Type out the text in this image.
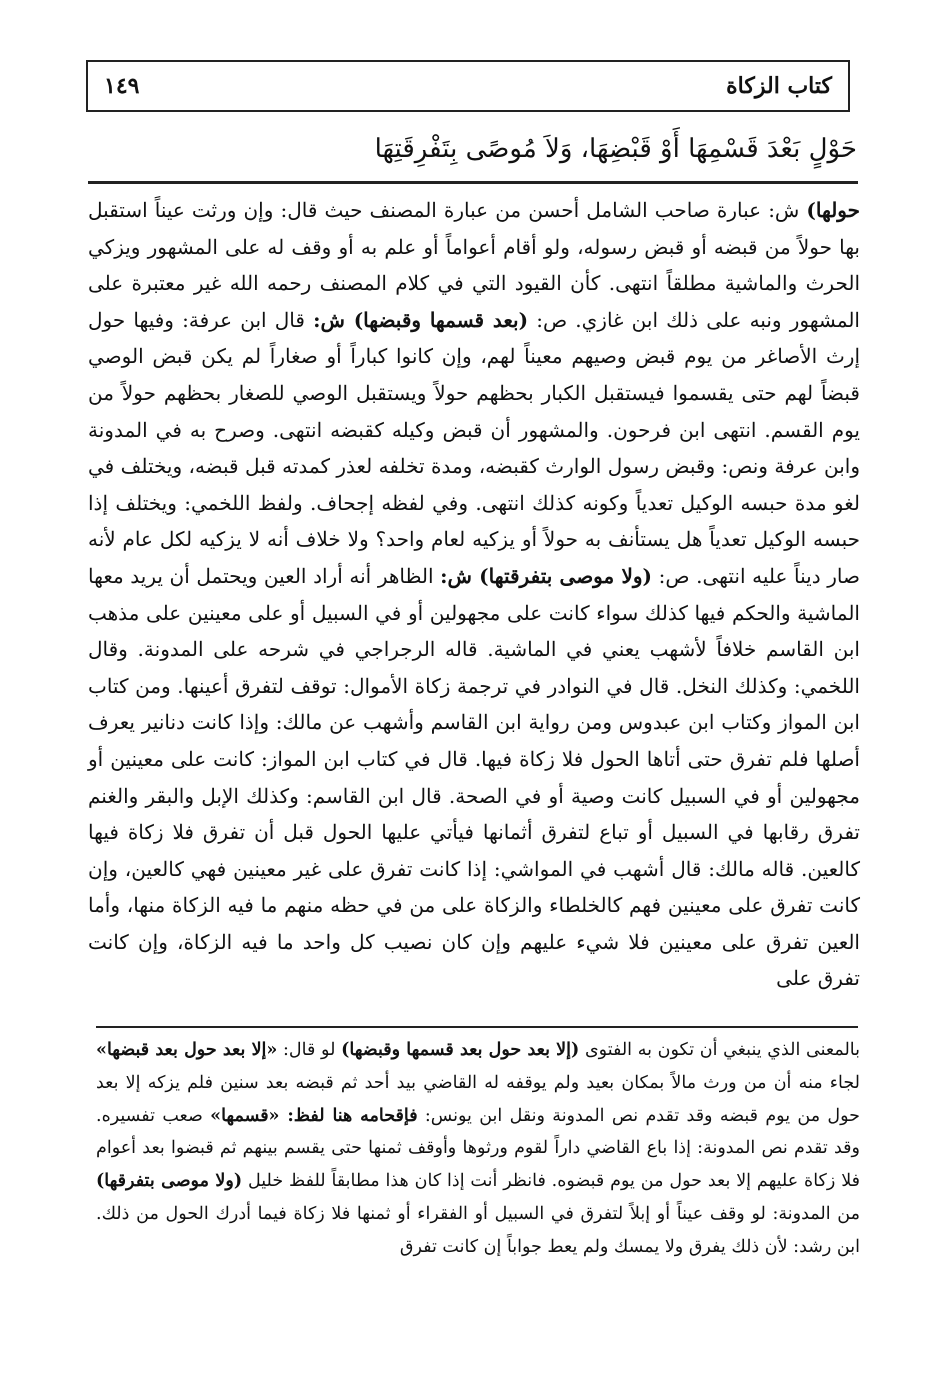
كتاب الزكاة
١٤٩
حَوْلٍ بَعْدَ قَسْمِهَا أَوْ قَبْضِهَا، وَلاَ مُوصًى بِتَفْرِقَتِهَا

حولها) ش: عبارة صاحب الشامل أحسن من عبارة المصنف حيث قال: وإن ورثت عيناً استقبل بها حولاً من قبضه أو قبض رسوله، ولو أقام أعواماً أو علم به أو وقف له على المشهور ويزكي الحرث والماشية مطلقاً انتهى. كأن القيود التي في كلام المصنف رحمه الله غير معتبرة على المشهور ونبه على ذلك ابن غازي. ص: (بعد قسمها وقبضها) ش: قال ابن عرفة: وفيها حول إرث الأصاغر من يوم قبض وصيهم معيناً لهم، وإن كانوا كباراً أو صغاراً لم يكن قبض الوصي قبضاً لهم حتى يقسموا فيستقبل الكبار بحظهم حولاً ويستقبل الوصي للصغار بحظهم حولاً من يوم القسم. انتهى ابن فرحون. والمشهور أن قبض وكيله كقبضه انتهى. وصرح به في المدونة وابن عرفة ونص: وقبض رسول الوارث كقبضه، ومدة تخلفه لعذر كمدته قبل قبضه، ويختلف في لغو مدة حبسه الوكيل تعدياً وكونه كذلك انتهى. وفي لفظه إجحاف. ولفظ اللخمي: ويختلف إذا حبسه الوكيل تعدياً هل يستأنف به حولاً أو يزكيه لعام واحد؟ ولا خلاف أنه لا يزكيه لكل عام لأنه صار ديناً عليه انتهى. ص: (ولا موصى بتفرقتها) ش: الظاهر أنه أراد العين ويحتمل أن يريد معها الماشية والحكم فيها كذلك سواء كانت على مجهولين أو في السبيل أو على معينين على مذهب ابن القاسم خلافاً لأشهب يعني في الماشية. قاله الرجراجي في شرحه على المدونة. وقال اللخمي: وكذلك النخل. قال في النوادر في ترجمة زكاة الأموال: توقف لتفرق أعينها. ومن كتاب ابن المواز وكتاب ابن عبدوس ومن رواية ابن القاسم وأشهب عن مالك: وإذا كانت دنانير يعرف أصلها فلم تفرق حتى أتاها الحول فلا زكاة فيها. قال في كتاب ابن المواز: كانت على معينين أو مجهولين أو في السبيل كانت وصية أو في الصحة. قال ابن القاسم: وكذلك الإبل والبقر والغنم تفرق رقابها في السبيل أو تباع لتفرق أثمانها فيأتي عليها الحول قبل أن تفرق فلا زكاة فيها كالعين. قاله مالك: قال أشهب في المواشي: إذا كانت تفرق على غير معينين فهي كالعين، وإن كانت تفرق على معينين فهم كالخلطاء والزكاة على من في حظه منهم ما فيه الزكاة منها، وأما العين تفرق على معينين فلا شيء عليهم وإن كان نصيب كل واحد ما فيه الزكاة، وإن كانت تفرق على

بالمعنى الذي ينبغي أن تكون به الفتوى (إلا بعد حول بعد قسمها وقبضها) لو قال: «إلا بعد حول بعد قبضها» لجاء منه أن من ورث مالاً بمكان بعيد ولم يوقفه له القاضي بيد أحد ثم قبضه بعد سنين فلم يزكه إلا بعد حول من يوم قبضه وقد تقدم نص المدونة ونقل ابن يونس: فإقحامه هنا لفظ: «قسمها» صعب تفسيره. وقد تقدم نص المدونة: إذا باع القاضي داراً لقوم ورثوها وأوقف ثمنها حتى يقسم بينهم ثم قبضوا بعد أعوام فلا زكاة عليهم إلا بعد حول من يوم قبضوه. فانظر أنت إذا كان هذا مطابقاً للفظ خليل (ولا موصى بتفرقها) من المدونة: لو وقف عيناً أو إبلاً لتفرق في السبيل أو الفقراء أو ثمنها فلا زكاة فيما أدرك الحول من ذلك. ابن رشد: لأن ذلك يفرق ولا يمسك ولم يعط جواباً إن كانت تفرق
